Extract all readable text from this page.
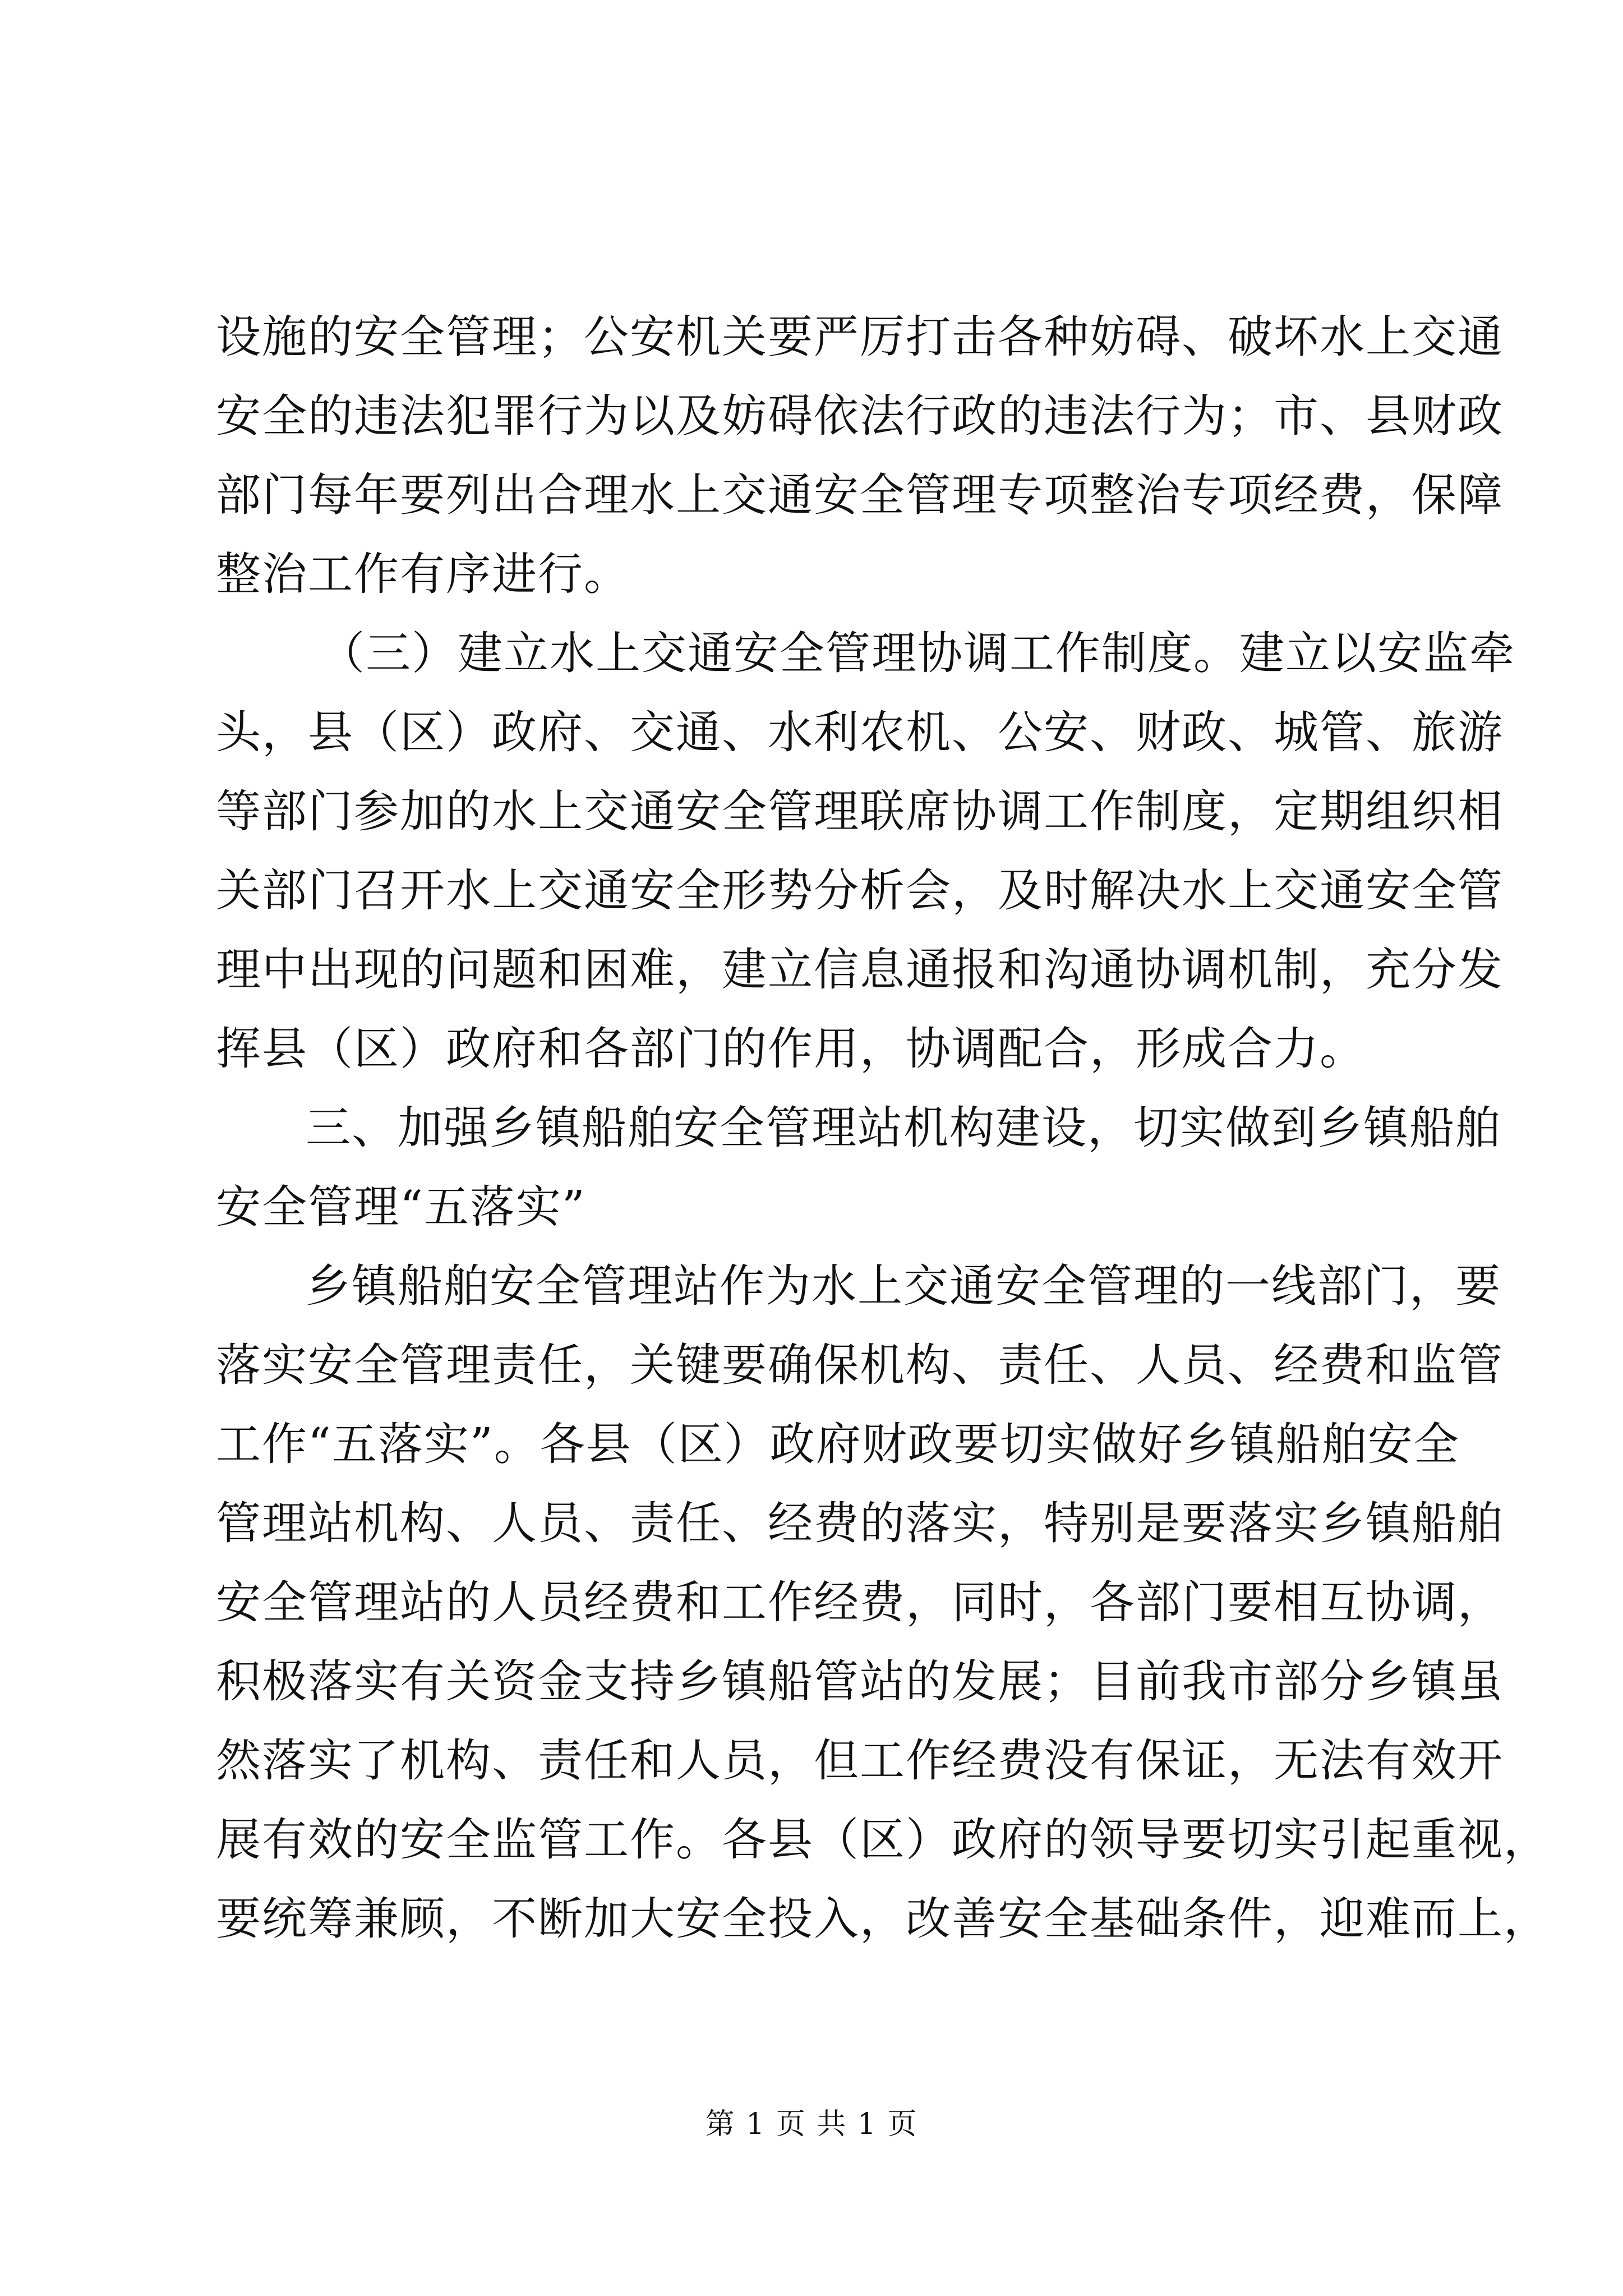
设施的安全管理；公安机关要严厉打击各种妨碍、破坏水上交通
安全的违法犯罪行为以及妨碍依法行政的违法行为；市、县财政
部门每年要列出合理水上交通安全管理专项整治专项经费，保障
整治工作有序进行。
（三）建立水上交通安全管理协调工作制度。建立以安监牵
头，县（区）政府、交通、水利农机、公安、财政、城管、旅游
等部门参加的水上交通安全管理联席协调工作制度，定期组织相
关部门召开水上交通安全形势分析会，及时解决水上交通安全管
理中出现的问题和困难，建立信息通报和沟通协调机制，充分发
挥县（区）政府和各部门的作用，协调配合，形成合力。
三、加强乡镇船舶安全管理站机构建设，切实做到乡镇船舶
安全管理“五落实”
乡镇船舶安全管理站作为水上交通安全管理的一线部门，要
落实安全管理责任，关键要确保机构、责任、人员、经费和监管
工作“五落实”。各县（区）政府财政要切实做好乡镇船舶安全
管理站机构、人员、责任、经费的落实，特别是要落实乡镇船舶
安全管理站的人员经费和工作经费，同时，各部门要相互协调，
积极落实有关资金支持乡镇船管站的发展；目前我市部分乡镇虽
然落实了机构、责任和人员，但工作经费没有保证，无法有效开
展有效的安全监管工作。各县（区）政府的领导要切实引起重视，
要统筹兼顾，不断加大安全投入，改善安全基础条件，迎难而上，
第 1 页 共 1 页
